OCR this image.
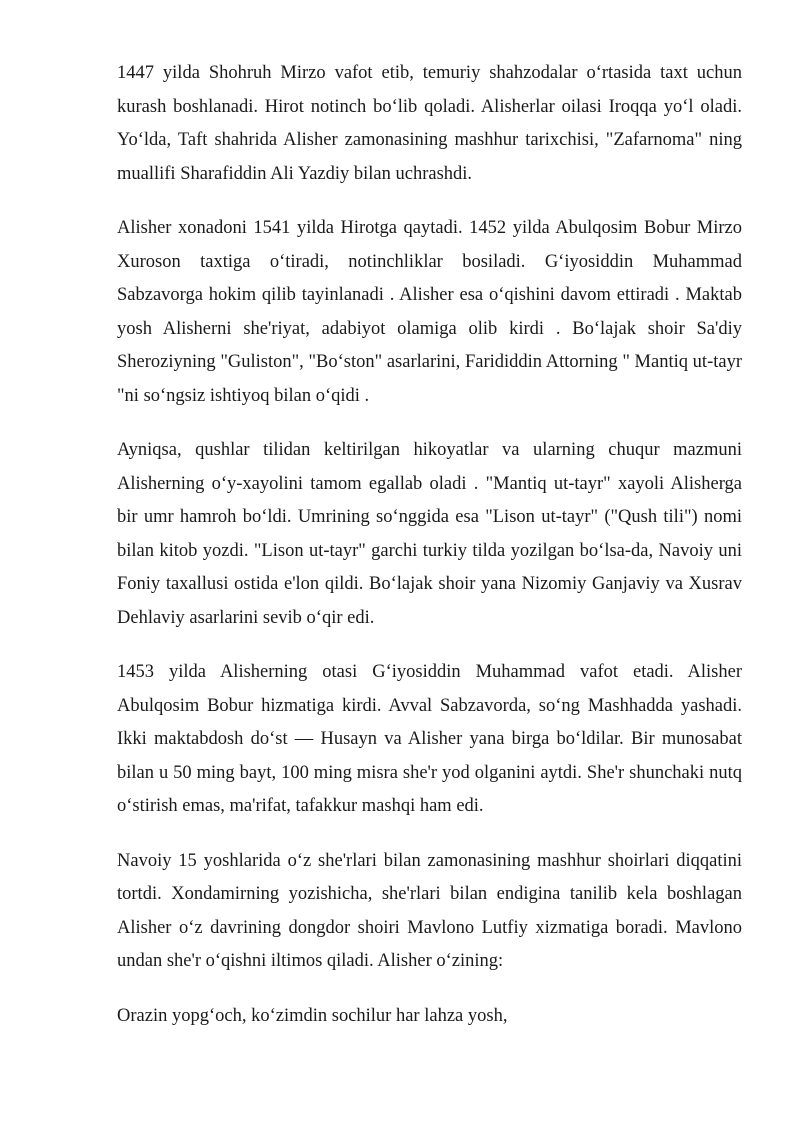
1447 yilda Shohruh Mirzo vafot etib, temuriy shahzodalar o‘rtasida taxt uchun kurash boshlanadi. Hirot notinch bo‘lib qoladi. Alisherlar oilasi Iroqqa yo‘l oladi. Yo‘lda, Taft shahrida Alisher zamonasining mashhur tarixchisi, "Zafarnoma" ning muallifi Sharafiddin Ali Yazdiy bilan uchrashdi.

Alisher xonadoni 1541 yilda Hirotga qaytadi. 1452 yilda Abulqosim Bobur Mirzo Xuroson taxtiga o‘tiradi, notinchliklar bosiladi. G‘iyosiddin Muhammad Sabzavorga hokim qilib tayinlanadi . Alisher esa o‘qishini davom ettiradi . Maktab yosh Alisherni she'riyat, adabiyot olamiga olib kirdi . Bo‘lajak shoir Sa'diy Sheroziyning "Guliston", "Bo‘ston" asarlarini, Farididdin Attorning " Mantiq ut-tayr "ni so‘ngsiz ishtiyoq bilan o‘qidi .

Ayniqsa, qushlar tilidan keltirilgan hikoyatlar va ularning chuqur mazmuni Alisherning o‘y-xayolini tamom egallab oladi . "Mantiq ut-tayr" xayoli Alisherga bir umr hamroh bo‘ldi. Umrining so‘nggida esa "Lison ut-tayr" ("Qush tili") nomi bilan kitob yozdi. "Lison ut-tayr" garchi turkiy tilda yozilgan bo‘lsa-da, Navoiy uni Foniy taxallusi ostida e'lon qildi. Bo‘lajak shoir yana Nizomiy Ganjaviy va Xusrav Dehlaviy asarlarini sevib o‘qir edi.

1453 yilda Alisherning otasi G‘iyosiddin Muhammad vafot etadi. Alisher Abulqosim Bobur hizmatiga kirdi. Avval Sabzavorda, so‘ng Mashhadda yashadi. Ikki maktabdosh do‘st — Husayn va Alisher yana birga bo‘ldilar. Bir munosabat bilan u 50 ming bayt, 100 ming misra she'r yod olganini aytdi. She'r shunchaki nutq o‘stirish emas, ma'rifat, tafakkur mashqi ham edi.

Navoiy 15 yoshlarida o‘z she'rlari bilan zamonasining mashhur shoirlari diqqatini tortdi. Xondamirning yozishicha, she'rlari bilan endigina tanilib kela boshlagan Alisher o‘z davrining dongdor shoiri Mavlono Lutfiy xizmatiga boradi. Mavlono undan she'r o‘qishni iltimos qiladi. Alisher o‘zining:

Orazin yopg‘och, ko‘zimdin sochilur har lahza yosh,
